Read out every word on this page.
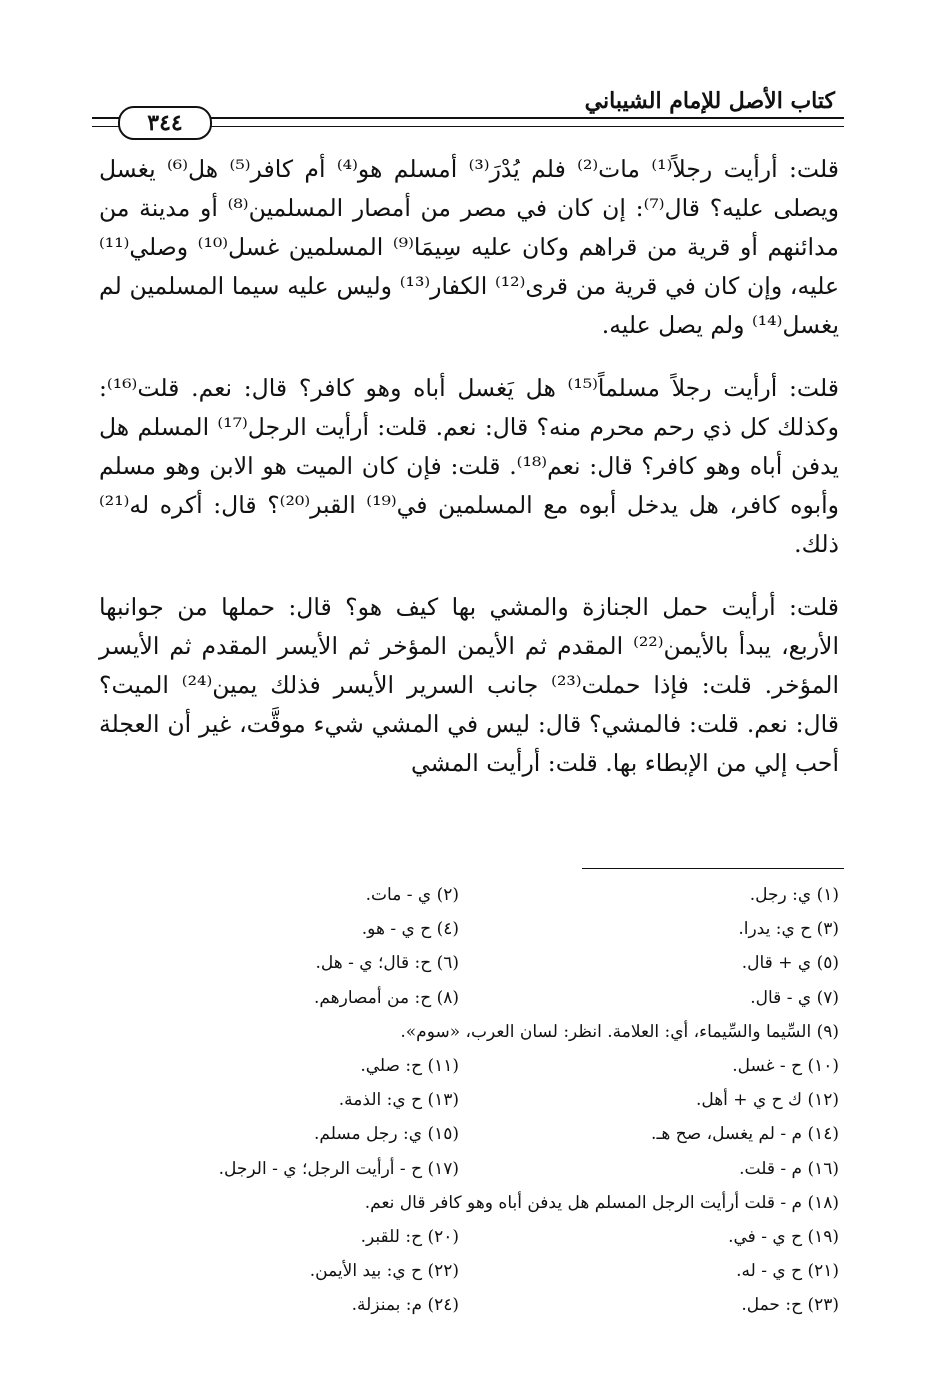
كتاب الأصل للإمام الشيباني
٣٤٤

قلت: أرأيت رجلاً⁽¹⁾ مات⁽²⁾ فلم يُدْرَ⁽³⁾ أمسلم هو⁽⁴⁾ أم كافر⁽⁵⁾ هل⁽⁶⁾ يغسل ويصلى عليه؟ قال⁽⁷⁾: إن كان في مصر من أمصار المسلمين⁽⁸⁾ أو مدينة من مدائنهم أو قرية من قراهم وكان عليه سِيمَا⁽⁹⁾ المسلمين غسل⁽¹⁰⁾ وصلي⁽¹¹⁾ عليه، وإن كان في قرية من قرى⁽¹²⁾ الكفار⁽¹³⁾ وليس عليه سيما المسلمين لم يغسل⁽¹⁴⁾ ولم يصل عليه.

قلت: أرأيت رجلاً مسلماً⁽¹⁵⁾ هل يَغسل أباه وهو كافر؟ قال: نعم. قلت⁽¹⁶⁾: وكذلك كل ذي رحم محرم منه؟ قال: نعم. قلت: أرأيت الرجل⁽¹⁷⁾ المسلم هل يدفن أباه وهو كافر؟ قال: نعم⁽¹⁸⁾. قلت: فإن كان الميت هو الابن وهو مسلم وأبوه كافر، هل يدخل أبوه مع المسلمين في⁽¹⁹⁾ القبر⁽²⁰⁾؟ قال: أكره له⁽²¹⁾ ذلك.

قلت: أرأيت حمل الجنازة والمشي بها كيف هو؟ قال: حملها من جوانبها الأربع، يبدأ بالأيمن⁽²²⁾ المقدم ثم الأيمن المؤخر ثم الأيسر المقدم ثم الأيسر المؤخر. قلت: فإذا حملت⁽²³⁾ جانب السرير الأيسر فذلك يمين⁽²⁴⁾ الميت؟ قال: نعم. قلت: فالمشي؟ قال: ليس في المشي شيء موقَّت، غير أن العجلة أحب إلي من الإبطاء بها. قلت: أرأيت المشي

(١) ي: رجل.
(٢) ي - مات.
(٣) ح ي: يدرا.
(٤) ح ي - هو.
(٥) ي + قال.
(٦) ح: قال؛ ي - هل.
(٧) ي - قال.
(٨) ح: من أمصارهم.
(٩) السِّيما والسِّيماء، أي: العلامة. انظر: لسان العرب، «سوم».
(١٠) ح - غسل.
(١١) ح: صلي.
(١٢) ك ح ي + أهل.
(١٣) ح ي: الذمة.
(١٤) م - لم يغسل، صح هـ.
(١٥) ي: رجل مسلم.
(١٦) م - قلت.
(١٧) ح - أرأيت الرجل؛ ي - الرجل.
(١٨) م - قلت أرأيت الرجل المسلم هل يدفن أباه وهو كافر قال نعم.
(١٩) ح ي - في.
(٢٠) ح: للقبر.
(٢١) ح ي - له.
(٢٢) ح ي: بيد الأيمن.
(٢٣) ح: حمل.
(٢٤) م: بمنزلة.
